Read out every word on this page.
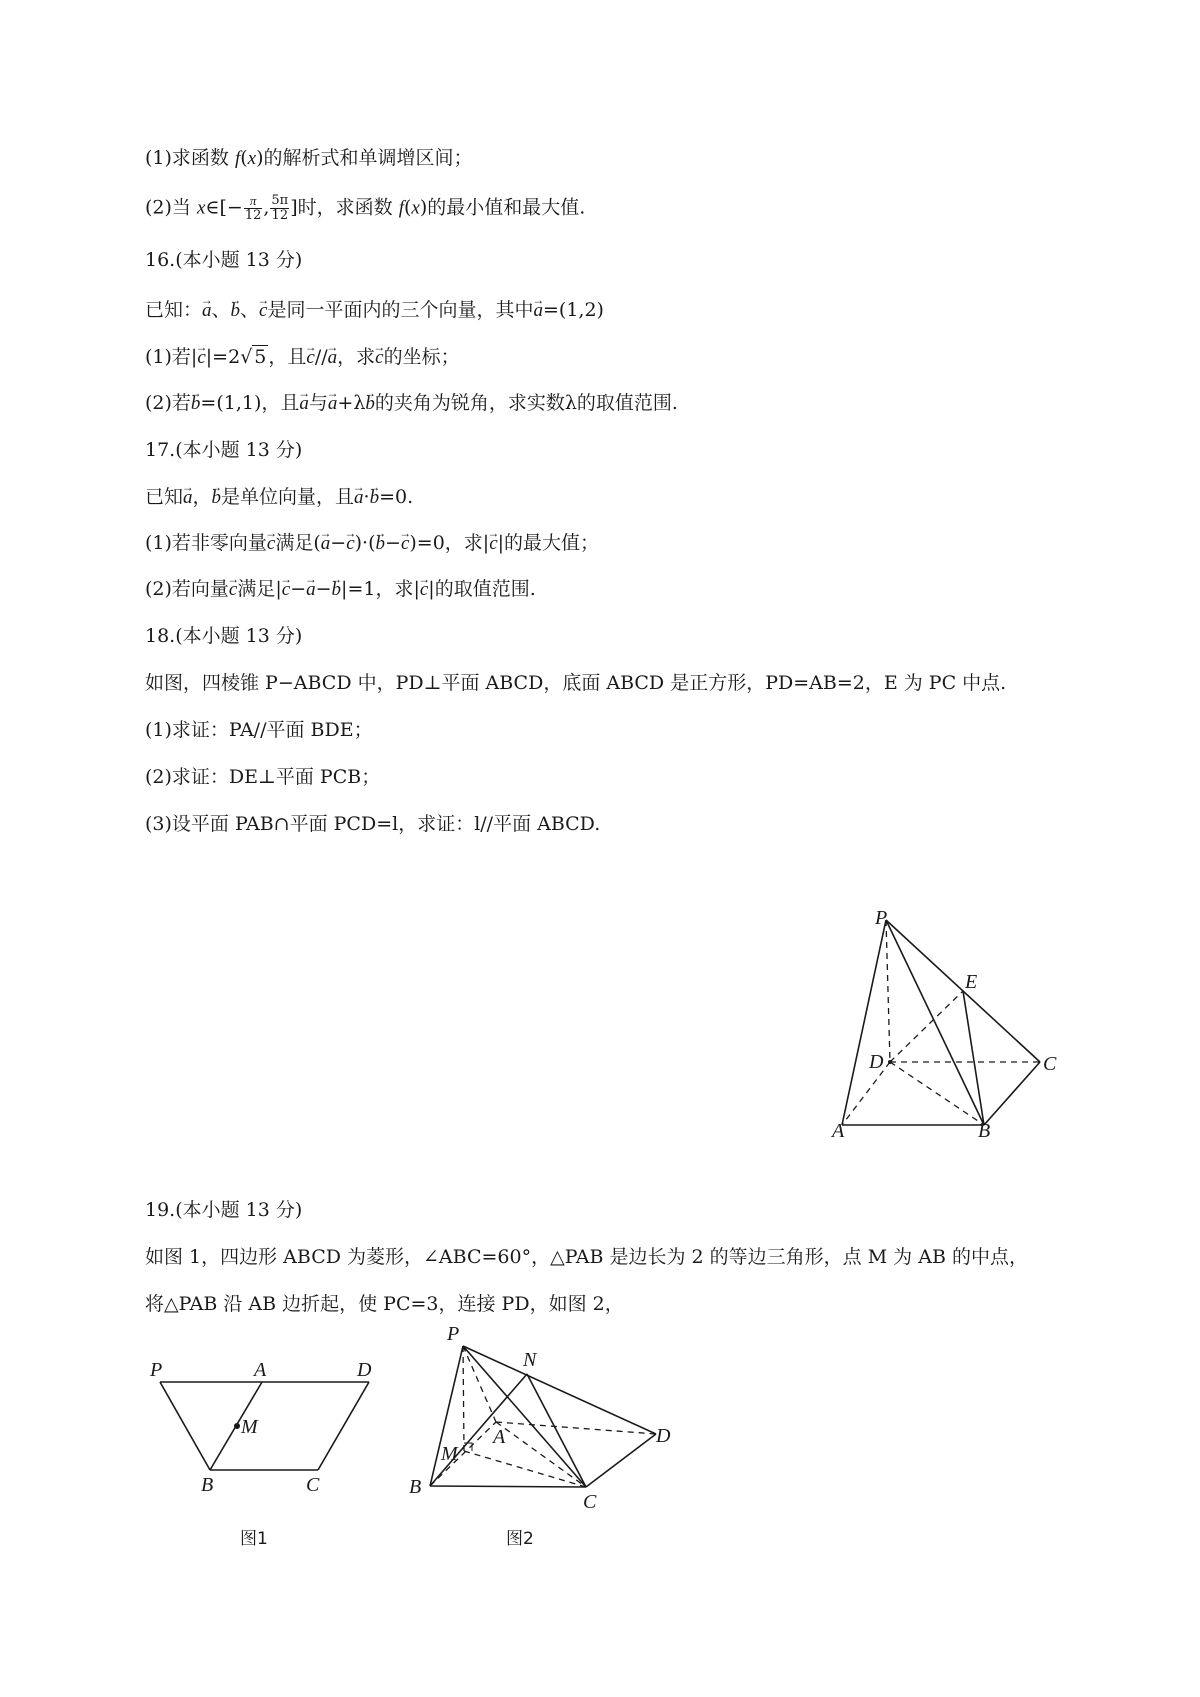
(1)求函数 f(x)的解析式和单调增区间；
(2)当 x∈[− $\frac{\pi}{12}$ , $\frac{5\pi}{12}$ ]时，求函数 f(x)的最小值和最大值.
16.(本小题 13 分)
已知：→ a、→ b、→ c是同一平面内的三个向量，其中→ a=(1,2)
(1)若|→ c|=2√ 5 ，且→ c//→ a，求→ c的坐标；
(2)若→ b=(1,1)，且→ a与→ a+λ→ b的夹角为锐角，求实数λ的取值范围.
17.(本小题 13 分)
已知→ a，→ b是单位向量，且→ a·→ b=0.
(1)若非零向量→ c满足(→ a−→ c)·(→ b−→ c)=0，求|→ c|的最大值；
(2)若向量→ c满足|→ c−→ a−→ b|=1，求|→ c|的取值范围.
18.(本小题 13 分)
如图，四棱锥 P−ABCD 中，PD⊥平面 ABCD，底面 ABCD 是正方形，PD=AB=2，E 为 PC 中点.
(1)求证：PA//平面 BDE；
(2)求证：DE⊥平面 PCB；
(3)设平面 PAB∩平面 PCD=l，求证：l//平面 ABCD.
P
E
D	C
A	B
19.(本小题 13 分)
如图 1，四边形 ABCD 为菱形，∠ABC=60°，△PAB 是边长为 2 的等边三角形，点 M 为 AB 的中点，
将△PAB 沿 AB 边折起，使 PC=3，连接 PD，如图 2，
P	A	D
M
B	C
图1
P
N
A	D
M
B
C
图2
